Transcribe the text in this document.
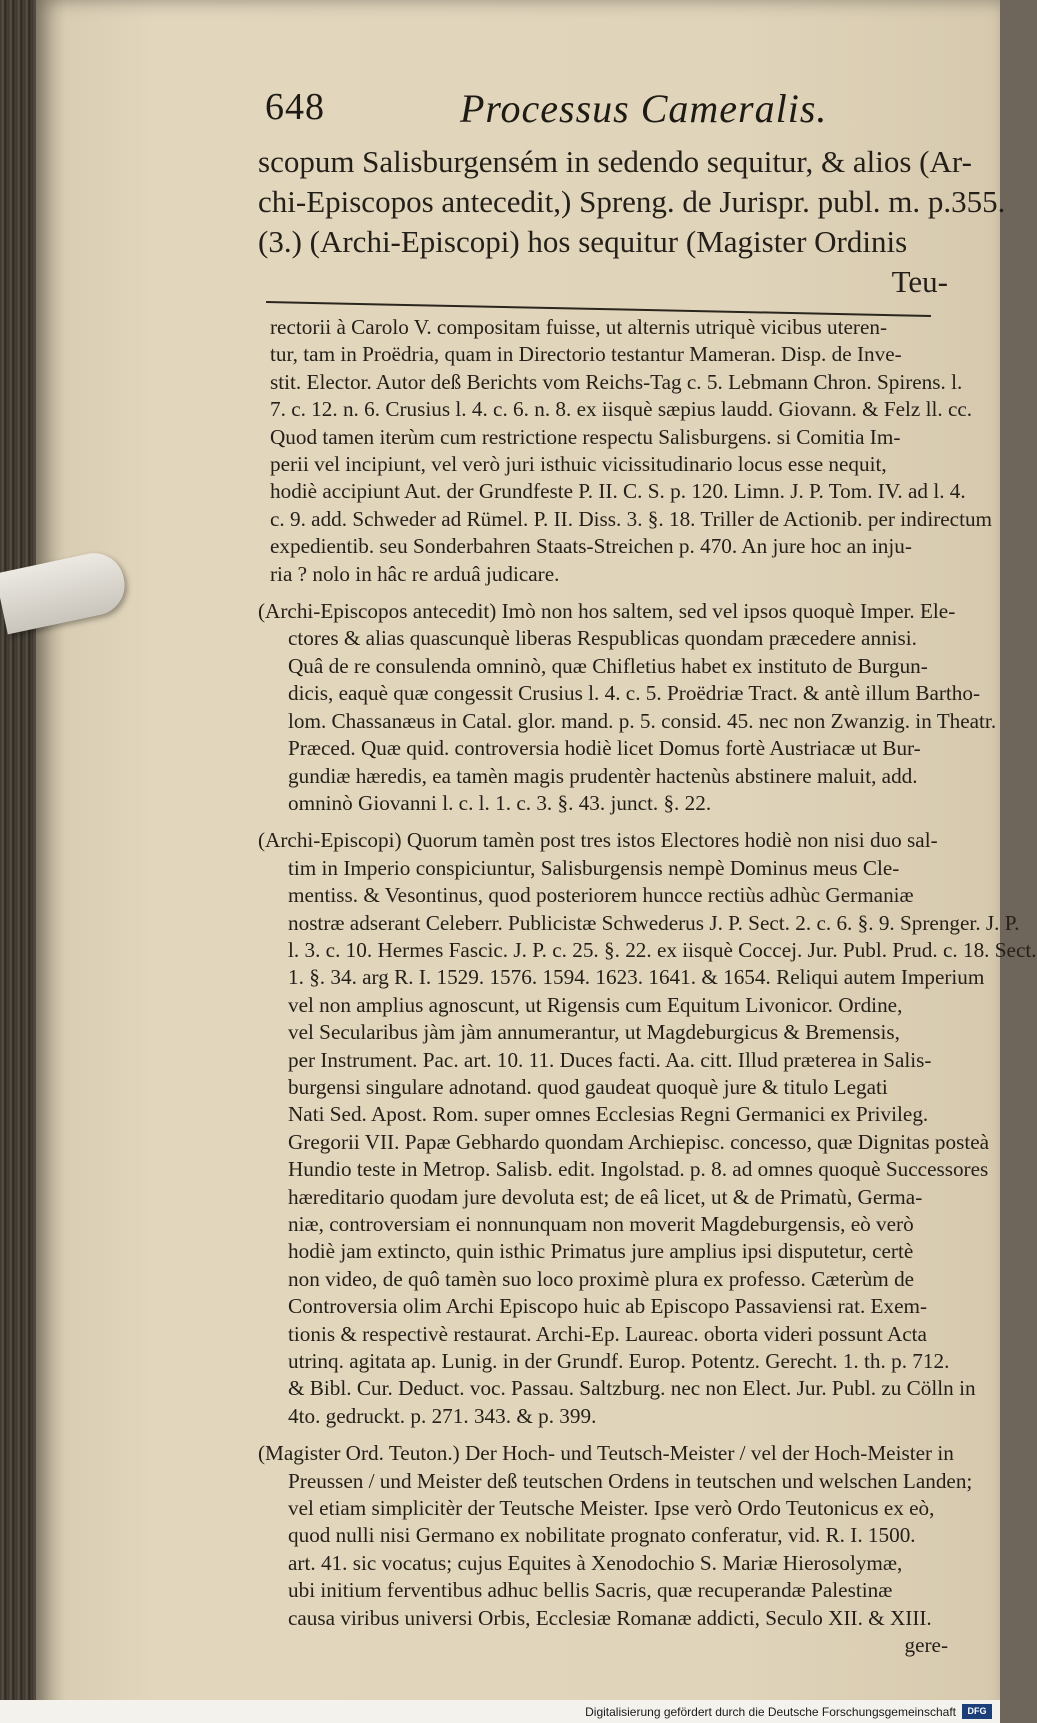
648	Processus Cameralis.
scopum Salisburgensém in sedendo sequitur, & alios (Ar-
chi-Episcopos antecedit,) Spreng. de Jurispr. publ. m. p.355.
(3.) (Archi-Episcopi) hos sequitur (Magister Ordinis
Teu-
rectorii à Carolo V. compositam fuisse, ut alternis utriquè vicibus uteren-
tur, tam in Proëdria, quam in Directorio testantur Mameran. Disp. de Inve-
stit. Elector. Autor deß Berichts vom Reichs-Tag c. 5. Lebmann Chron. Spirens. l.
7. c. 12. n. 6. Crusius l. 4. c. 6. n. 8. ex iisquè sæpius laudd. Giovann. & Felz ll. cc.
Quod tamen iterùm cum restrictione respectu Salisburgens. si Comitia Im-
perii vel incipiunt, vel verò juri isthuic vicissitudinario locus esse nequit,
hodiè accipiunt Aut. der Grundfeste P. II. C. S. p. 120. Limn. J. P. Tom. IV. ad l. 4.
c. 9. add. Schweder ad Rümel. P. II. Diss. 3. §. 18. Triller de Actionib. per indirectum
expedientib. seu Sonderbahren Staats-Streichen p. 470. An jure hoc an inju-
ria ? nolo in hâc re arduâ judicare.
(Archi-Episcopos antecedit) Imò non hos saltem, sed vel ipsos quoquè Imper. Ele-
ctores & alias quascunquè liberas Respublicas quondam præcedere annisi.
Quâ de re consulenda omninò, quæ Chifletius habet ex instituto de Burgun-
dicis, eaquè quæ congessit Crusius l. 4. c. 5. Proëdriæ Tract. & antè illum Bartho-
lom. Chassanæus in Catal. glor. mand. p. 5. consid. 45. nec non Zwanzig. in Theatr.
Præced. Quæ quid. controversia hodiè licet Domus fortè Austriacæ ut Bur-
gundiæ hæredis, ea tamèn magis prudentèr hactenùs abstinere maluit, add.
omninò Giovanni l. c. l. 1. c. 3. §. 43. junct. §. 22.
(Archi-Episcopi) Quorum tamèn post tres istos Electores hodiè non nisi duo sal-
tim in Imperio conspiciuntur, Salisburgensis nempè Dominus meus Cle-
mentiss. & Vesontinus, quod posteriorem huncce rectiùs adhùc Germaniæ
nostræ adserant Celeberr. Publicistæ Schwederus J. P. Sect. 2. c. 6. §. 9. Sprenger. J. P.
l. 3. c. 10. Hermes Fascic. J. P. c. 25. §. 22. ex iisquè Coccej. Jur. Publ. Prud. c. 18. Sect.
1. §. 34. arg R. I. 1529. 1576. 1594. 1623. 1641. & 1654. Reliqui autem Imperium
vel non amplius agnoscunt, ut Rigensis cum Equitum Livonicor. Ordine,
vel Secularibus jàm jàm annumerantur, ut Magdeburgicus & Bremensis,
per Instrument. Pac. art. 10. 11. Duces facti. Aa. citt. Illud præterea in Salis-
burgensi singulare adnotand. quod gaudeat quoquè jure & titulo Legati
Nati Sed. Apost. Rom. super omnes Ecclesias Regni Germanici ex Privileg.
Gregorii VII. Papæ Gebhardo quondam Archiepisc. concesso, quæ Dignitas posteà
Hundio teste in Metrop. Salisb. edit. Ingolstad. p. 8. ad omnes quoquè Successores
hæreditario quodam jure devoluta est; de eâ licet, ut & de Primatù, Germa-
niæ, controversiam ei nonnunquam non moverit Magdeburgensis, eò verò
hodiè jam extincto, quin isthic Primatus jure amplius ipsi disputetur, certè
non video, de quô tamèn suo loco proximè plura ex professo. Cæterùm de
Controversia olim Archi Episcopo huic ab Episcopo Passaviensi rat. Exem-
tionis & respectivè restaurat. Archi-Ep. Laureac. oborta videri possunt Acta
utrinq. agitata ap. Lunig. in der Grundf. Europ. Potentz. Gerecht. 1. th. p. 712.
& Bibl. Cur. Deduct. voc. Passau. Saltzburg. nec non Elect. Jur. Publ. zu Cölln in
4to. gedruckt. p. 271. 343. & p. 399.
(Magister Ord. Teuton.) Der Hoch- und Teutsch-Meister / vel der Hoch-Meister in
Preussen / und Meister deß teutschen Ordens in teutschen und welschen Landen;
vel etiam simplicitèr der Teutsche Meister. Ipse verò Ordo Teutonicus ex eò,
quod nulli nisi Germano ex nobilitate prognato conferatur, vid. R. I. 1500.
art. 41. sic vocatus; cujus Equites à Xenodochio S. Mariæ Hierosolymæ,
ubi initium ferventibus adhuc bellis Sacris, quæ recuperandæ Palestinæ
causa viribus universi Orbis, Ecclesiæ Romanæ addicti, Seculo XII. & XIII.
gere-
Digitalisierung gefördert durch die Deutsche Forschungsgemeinschaft	DFG
